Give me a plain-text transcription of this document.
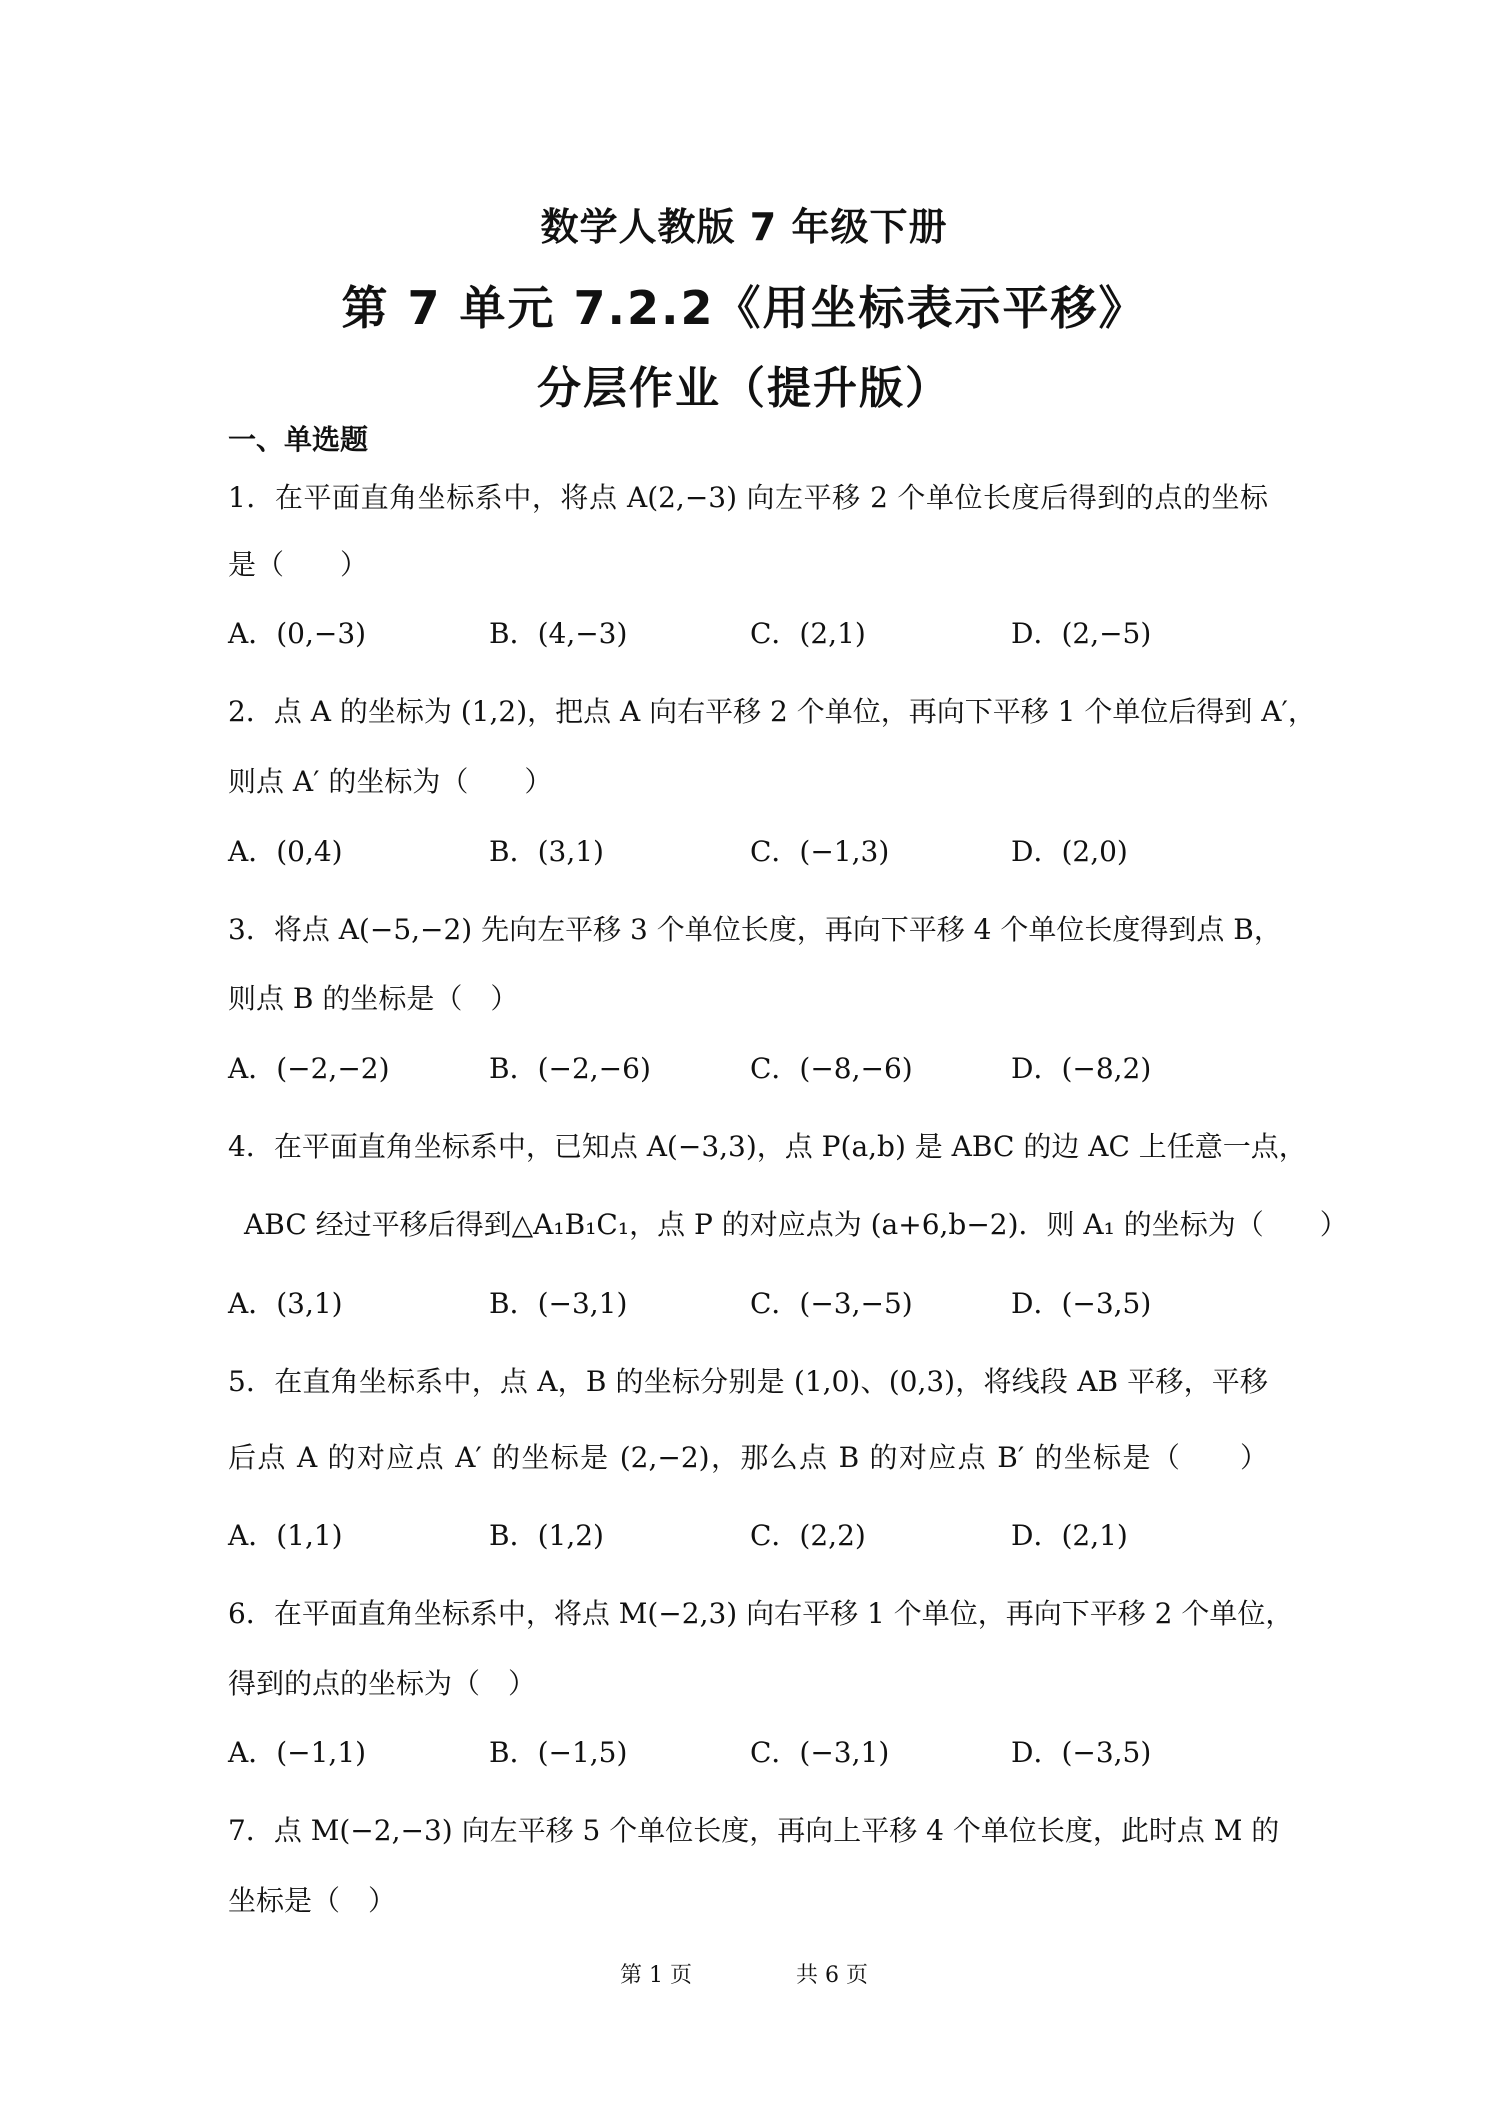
数学人教版 7 年级下册
第 7 单元 7.2.2《用坐标表示平移》
分层作业（提升版）
一、单选题
1．在平面直角坐标系中，将点 A(2,−3) 向左平移 2 个单位长度后得到的点的坐标
是（　　）
A．(0,−3)	B．(4,−3)	C．(2,1)	D．(2,−5)
2．点 A 的坐标为 (1,2)，把点 A 向右平移 2 个单位，再向下平移 1 个单位后得到 A′，
则点 A′ 的坐标为（　　）
A．(0,4)	B．(3,1)	C．(−1,3)	D．(2,0)
3．将点 A(−5,−2) 先向左平移 3 个单位长度，再向下平移 4 个单位长度得到点 B，
则点 B 的坐标是（　）
A．(−2,−2)	B．(−2,−6)	C．(−8,−6)	D．(−8,2)
4．在平面直角坐标系中，已知点 A(−3,3)，点 P(a,b) 是 ABC 的边 AC 上任意一点，
ABC 经过平移后得到△A₁B₁C₁，点 P 的对应点为 (a+6,b−2)．则 A₁ 的坐标为（　　）
A．(3,1)	B．(−3,1)	C．(−3,−5)	D．(−3,5)
5．在直角坐标系中，点 A，B 的坐标分别是 (1,0)、(0,3)，将线段 AB 平移，平移
后点 A 的对应点 A′ 的坐标是 (2,−2)，那么点 B 的对应点 B′ 的坐标是（　　）
A．(1,1)	B．(1,2)	C．(2,2)	D．(2,1)
6．在平面直角坐标系中，将点 M(−2,3) 向右平移 1 个单位，再向下平移 2 个单位，
得到的点的坐标为（　）
A．(−1,1)	B．(−1,5)	C．(−3,1)	D．(−3,5)
7．点 M(−2,−3) 向左平移 5 个单位长度，再向上平移 4 个单位长度，此时点 M 的
坐标是（　）
第 1 页	共 6 页
